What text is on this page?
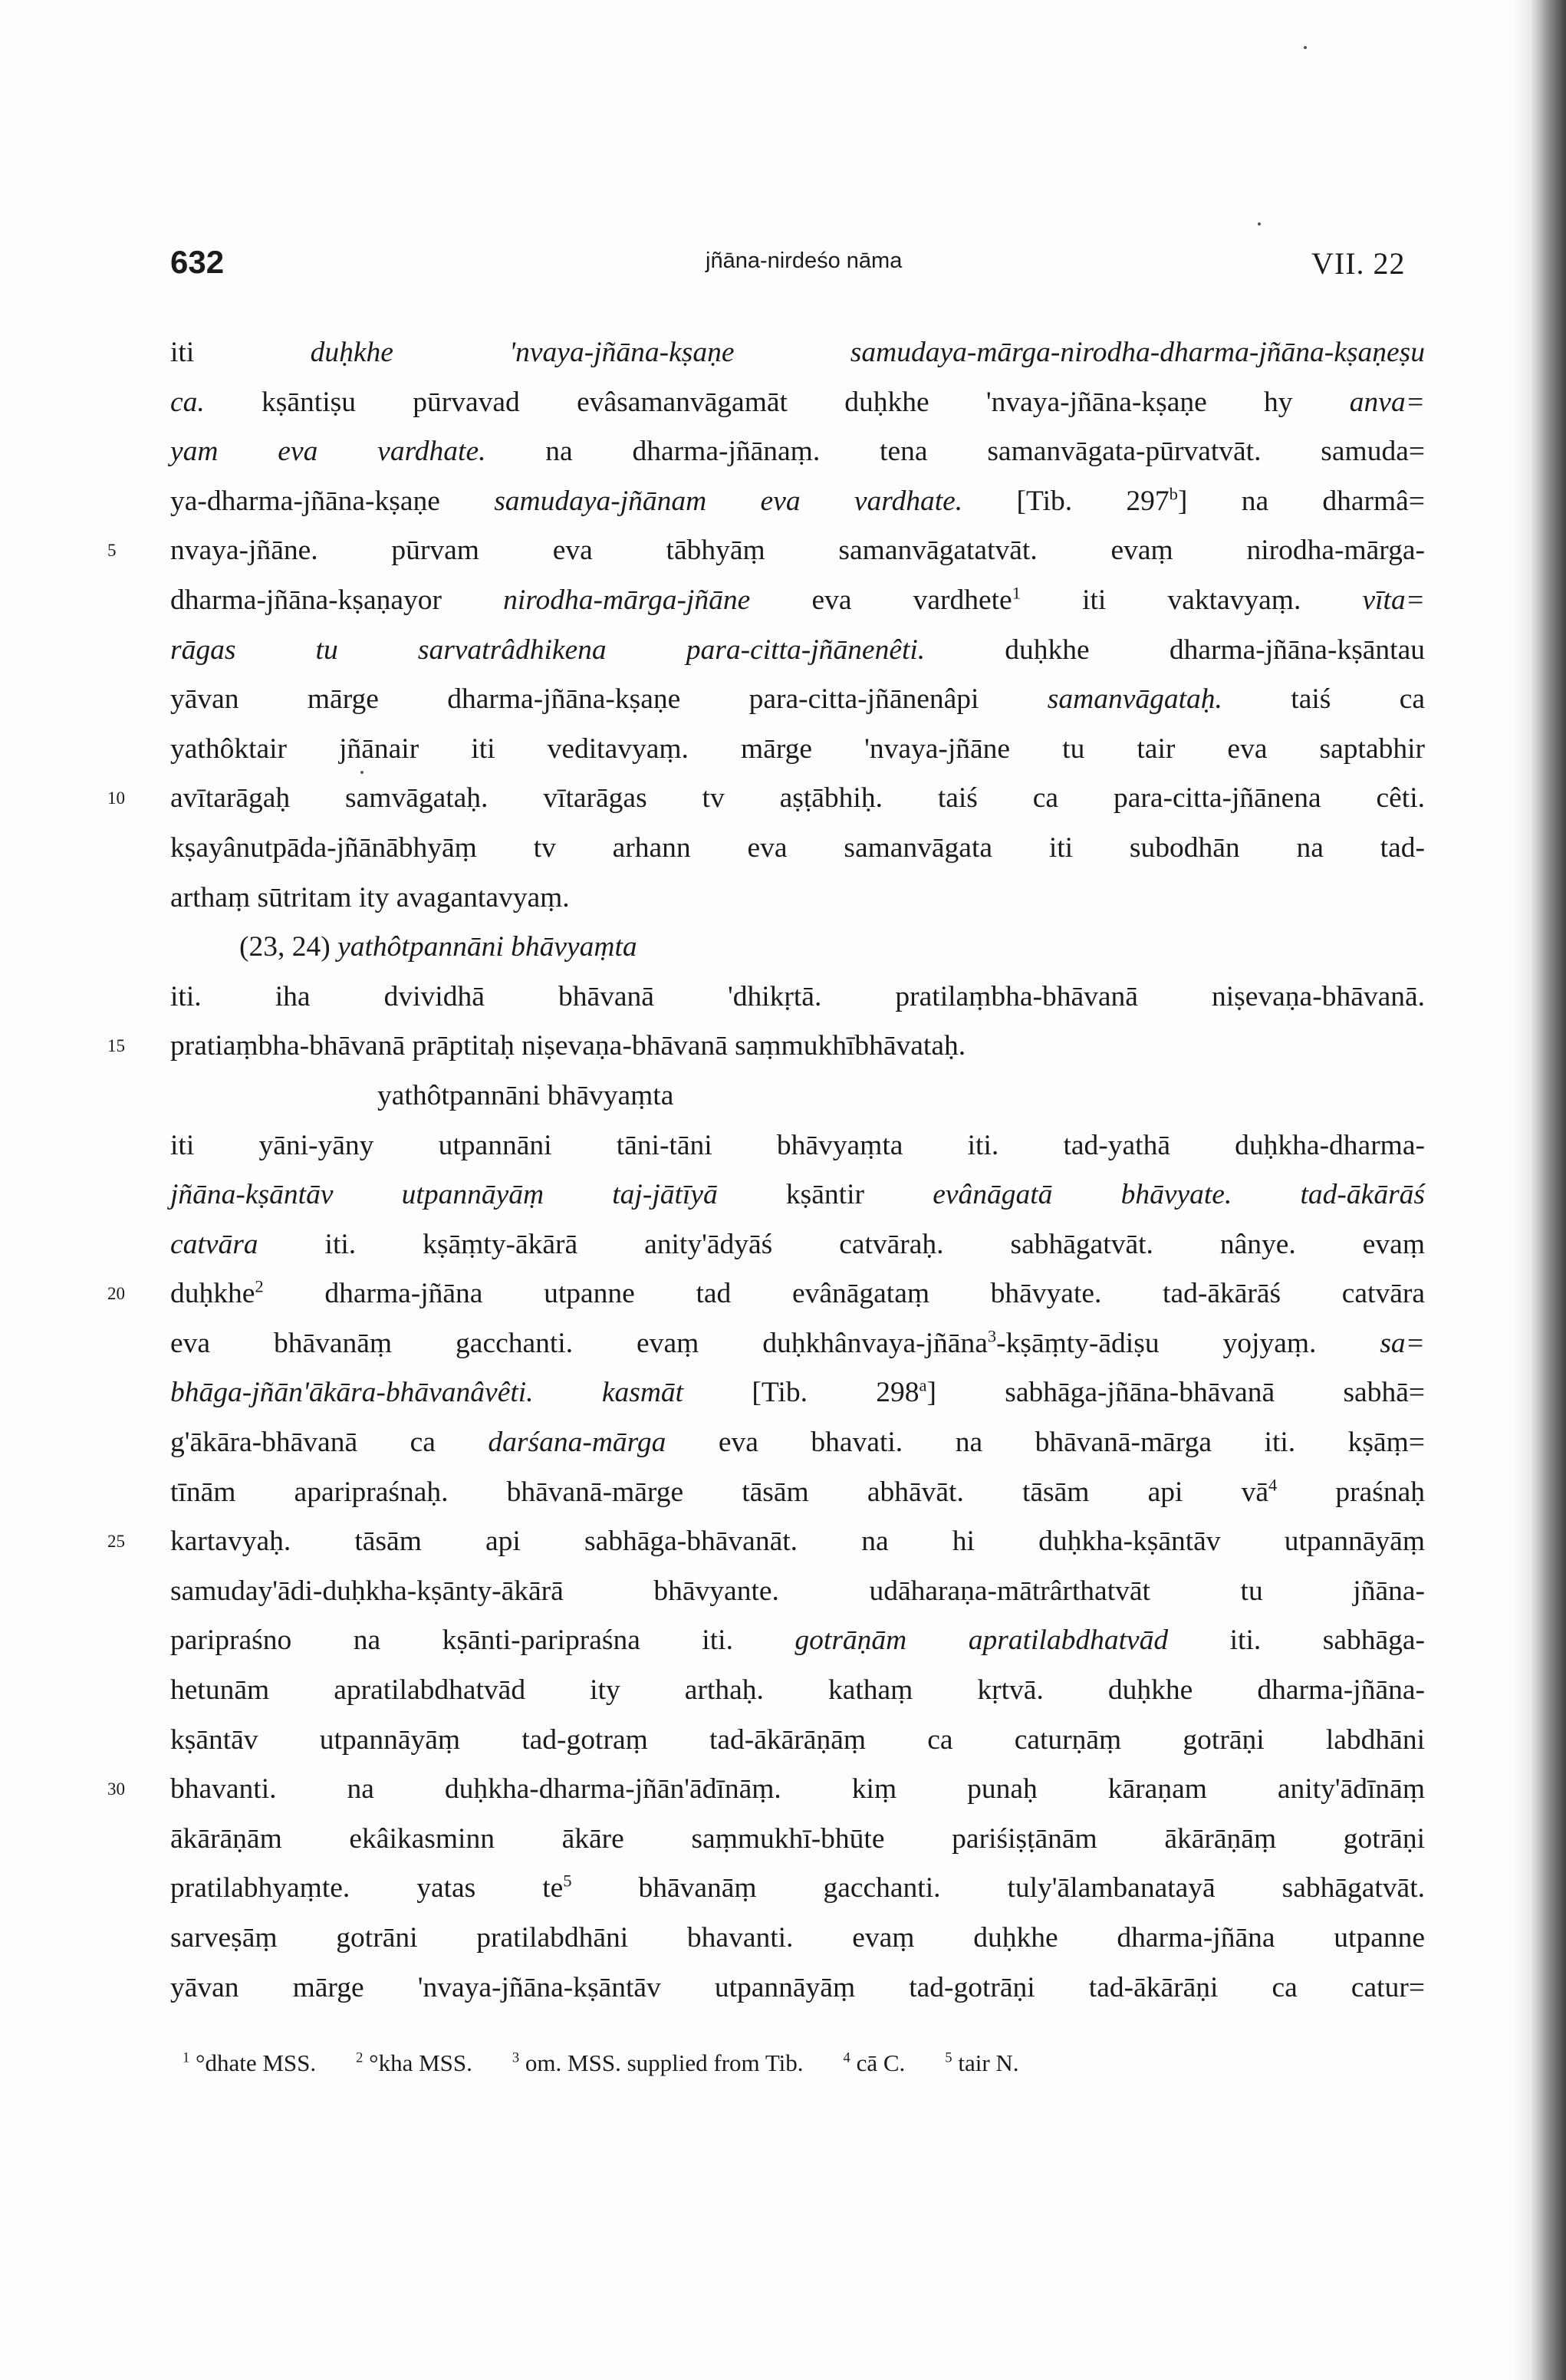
632	jñāna-nirdeśo nāma	VII. 22
iti duḥkhe 'nvaya-jñāna-kṣaṇe samudaya-mārga-nirodha-dharma-jñāna-kṣaṇeṣu
ca. kṣāntiṣu pūrvavad evâsamanvāgamāt duḥkhe 'nvaya-jñāna-kṣaṇe hy anva=
yam eva vardhate. na dharma-jñānaṃ. tena samanvāgata-pūrvatvāt. samuda=
ya-dharma-jñāna-kṣaṇe samudaya-jñānam eva vardhate. [Tib. 297$^b$] na dharmâ=
nvaya-jñāne. pūrvam eva tābhyāṃ samanvāgatatvāt. evaṃ nirodha-mārga-
5
dharma-jñāna-kṣaṇayor nirodha-mārga-jñāne eva vardhete$^1$ iti vaktavyaṃ. vīta=
rāgas tu sarvatrâdhikena para-citta-jñānenêti. duḥkhe dharma-jñāna-kṣāntau
yāvan mārge dharma-jñāna-kṣaṇe para-citta-jñānenâpi samanvāgataḥ. taiś ca
yathôktair jñānair iti veditavyaṃ. mārge 'nvaya-jñāne tu tair eva saptabhir
avītarāgaḥ samvāgataḥ. vītarāgas tv aṣṭābhiḥ. taiś ca para-citta-jñānena cêti.
10
kṣayânutpāda-jñānābhyāṃ tv arhann eva samanvāgata iti subodhān na tad-
arthaṃ sūtritam ity avagantavyaṃ.
(23, 24) yathôtpannāni bhāvyaṃta
iti. iha dvividhā bhāvanā 'dhikṛtā. pratilaṃbha-bhāvanā niṣevaṇa-bhāvanā.
pratiaṃbha-bhāvanā prāptitaḥ niṣevaṇa-bhāvanā saṃmukhībhāvataḥ.
15
yathôtpannāni bhāvyaṃta
iti yāni-yāny utpannāni tāni-tāni bhāvyaṃta iti. tad-yathā duḥkha-dharma-
jñāna-kṣāntāv utpannāyāṃ taj-jātīyā kṣāntir evânāgatā bhāvyate. tad-ākārāś
catvāra iti. kṣāṃty-ākārā anity'ādyāś catvāraḥ. sabhāgatvāt. nânye. evaṃ
duḥkhe$^2$ dharma-jñāna utpanne tad evânāgataṃ bhāvyate. tad-ākārāś catvāra
20
eva bhāvanāṃ gacchanti. evaṃ duḥkhânvaya-jñāna$^3$-kṣāṃty-ādiṣu yojyaṃ. sa=
bhāga-jñān'ākāra-bhāvanâvêti. kasmāt [Tib. 298$^a$] sabhāga-jñāna-bhāvanā sabhā=
g'ākāra-bhāvanā ca darśana-mārga eva bhavati. na bhāvanā-mārga iti. kṣāṃ=
tīnām aparipraśnaḥ. bhāvanā-mārge tāsām abhāvāt. tāsām api $vā^4$ praśnaḥ
kartavyaḥ. tāsām api sabhāga-bhāvanāt. na hi duḥkha-kṣāntāv utpannāyāṃ
25
samuday'ādi-duḥkha-kṣānty-ākārā bhāvyante. udāharaṇa-mātrârthatvāt tu jñāna-
paripraśno na kṣānti-paripraśna iti. gotrāṇām apratilabdhatvād iti. sabhāga-
hetunām apratilabdhatvād ity arthaḥ. kathaṃ kṛtvā. duḥkhe dharma-jñāna-
kṣāntāv utpannāyāṃ tad-gotraṃ tad-ākārāṇāṃ ca caturṇāṃ gotrāṇi labdhāni
bhavanti. na duḥkha-dharma-jñān'ādīnāṃ. kiṃ punaḥ kāraṇam anity'ādīnāṃ
30
ākārāṇām ekâikasminn ākāre saṃmukhī-bhūte pariśiṣṭānām ākārāṇāṃ gotrāṇi
pratilabhyaṃte. yatas $te^5$ bhāvanāṃ gacchanti. tuly'ālambanatayā sabhāgatvāt.
sarveṣāṃ gotrāni pratilabdhāni bhavanti. evaṃ duḥkhe dharma-jñāna utpanne
yāvan mārge 'nvaya-jñāna-kṣāntāv utpannāyāṃ tad-gotrāṇi tad-ākārāṇi ca catur=
$^1$ °dhate MSS.	$^2$ °kha MSS.	$^3$ om. MSS. supplied from Tib.	$^4$ cā C.	$^5$ tair N.
